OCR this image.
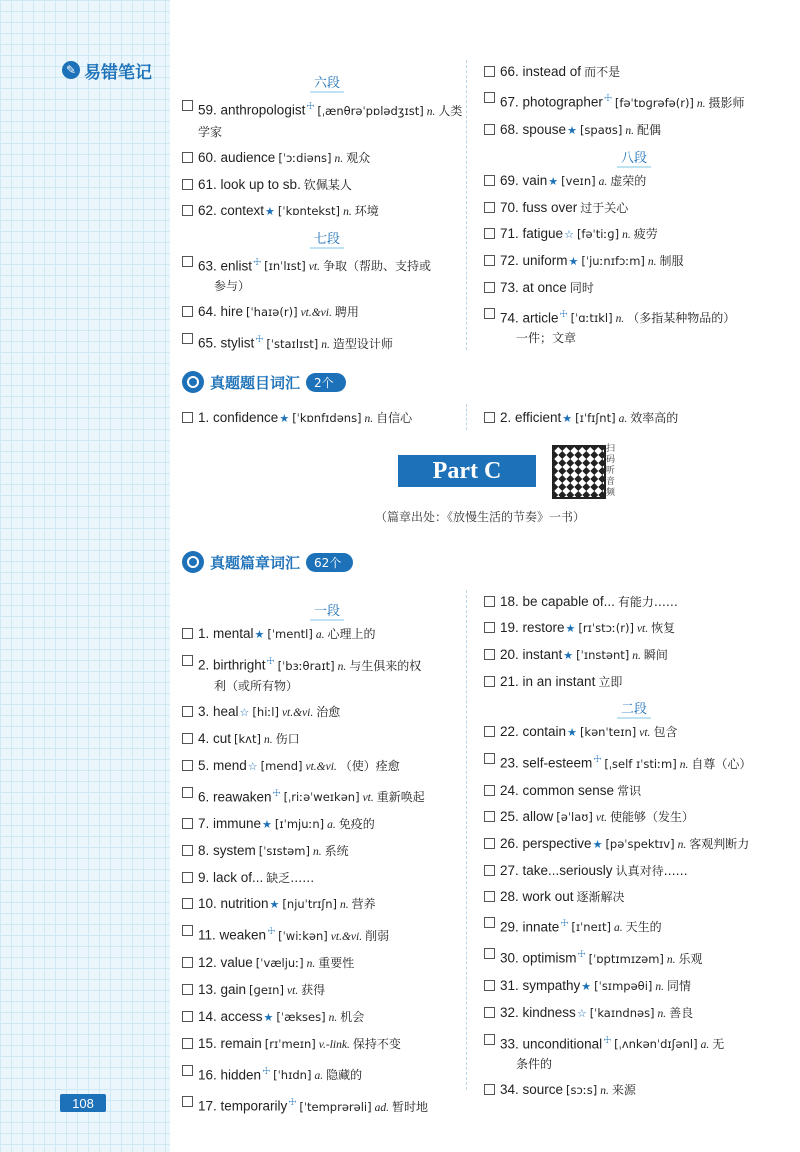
✎ 易错笔记
六段
59. anthropologist☩ [ˌænθrəˈpɒlədʒɪst] n. 人类学家
60. audience [ˈɔːdiəns] n. 观众
61. look up to sb. 钦佩某人
62. context★ [ˈkɒntekst] n. 环境
七段
63. enlist☩ [ɪnˈlɪst] vt. 争取（帮助、支持或
参与）
64. hire [ˈhaɪə(r)] vt.&vi. 聘用
65. stylist☩ [ˈstaɪlɪst] n. 造型设计师
66. instead of 而不是
67. photographer☩ [fəˈtɒɡrəfə(r)] n. 摄影师
68. spouse★ [spaʊs] n. 配偶
八段
69. vain★ [veɪn] a. 虚荣的
70. fuss over 过于关心
71. fatigue☆ [fəˈtiːɡ] n. 疲劳
72. uniform★ [ˈjuːnɪfɔːm] n. 制服
73. at once 同时
74. article☩ [ˈɑːtɪkl] n. （多指某种物品的）
一件；文章
真题题目词汇	2个
1. confidence★ [ˈkɒnfɪdəns] n. 自信心	2. efficient★ [ɪˈfɪʃnt] a. 效率高的
Part C
扫码听音频
（篇章出处：《放慢生活的节奏》一书）
真题篇章词汇	62个
一段
1. mental★ [ˈmentl] a. 心理上的
2. birthright☩ [ˈbɜːθraɪt] n. 与生俱来的权
利（或所有物）
3. heal☆ [hiːl] vt.&vi. 治愈
4. cut [kʌt] n. 伤口
5. mend☆ [mend] vt.&vi. （使）痊愈
6. reawaken☩ [ˌriːəˈweɪkən] vt. 重新唤起
7. immune★ [ɪˈmjuːn] a. 免疫的
8. system [ˈsɪstəm] n. 系统
9. lack of... 缺乏……
10. nutrition★ [njuˈtrɪʃn] n. 营养
11. weaken☩ [ˈwiːkən] vt.&vi. 削弱
12. value [ˈvæljuː] n. 重要性
13. gain [ɡeɪn] vt. 获得
14. access★ [ˈækses] n. 机会
15. remain [rɪˈmeɪn] v.-link. 保持不变
16. hidden☩ [ˈhɪdn] a. 隐藏的
17. temporarily☩ [ˈtemprərəli] ad. 暂时地
18. be capable of... 有能力……
19. restore★ [rɪˈstɔː(r)] vt. 恢复
20. instant★ [ˈɪnstənt] n. 瞬间
21. in an instant 立即
二段
22. contain★ [kənˈteɪn] vt. 包含
23. self-esteem☩ [ˌself ɪˈstiːm] n. 自尊（心）
24. common sense 常识
25. allow [əˈlaʊ] vt. 使能够（发生）
26. perspective★ [pəˈspektɪv] n. 客观判断力
27. take...seriously 认真对待……
28. work out 逐渐解决
29. innate☩ [ɪˈneɪt] a. 天生的
30. optimism☩ [ˈɒptɪmɪzəm] n. 乐观
31. sympathy★ [ˈsɪmpəθi] n. 同情
32. kindness☆ [ˈkaɪndnəs] n. 善良
33. unconditional☩ [ˌʌnkənˈdɪʃənl] a. 无
条件的
34. source [sɔːs] n. 来源
108
